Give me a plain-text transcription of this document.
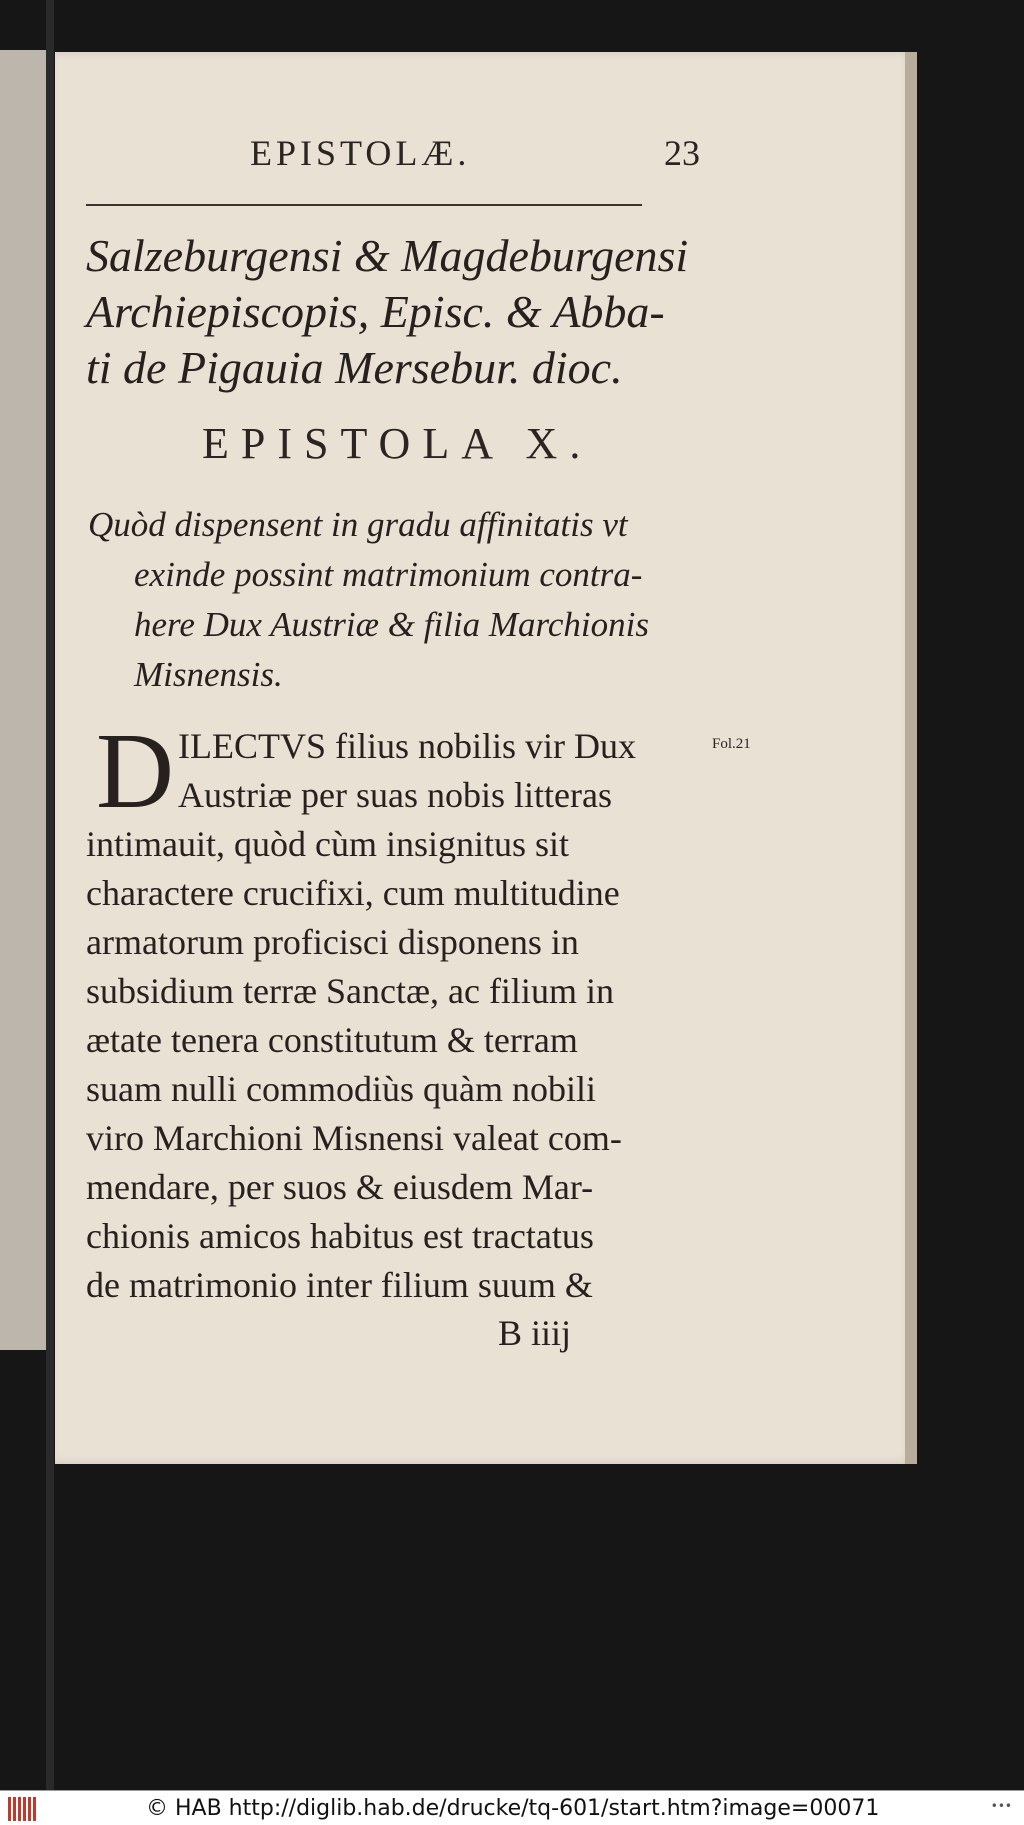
EPISTOLÆ.	23
Salzeburgensi & Magdeburgensi
Archiepiscopis, Episc. & Abba-
ti de Pigauia Mersebur. dioc.
EPISTOLA X.
Quòd dispensent in gradu affinitatis vt
exinde possint matrimonium contra-
here Dux Austriæ & filia Marchionis
Misnensis.
D ILECTVS filius nobilis vir Dux
Austriæ per suas nobis litteras
intimauit, quòd cùm insignitus sit
charactere crucifixi, cum multitudine
armatorum proficisci disponens in
subsidium terræ Sanctæ, ac filium in
ætate tenera constitutum & terram
suam nulli commodiùs quàm nobili
viro Marchioni Misnensi valeat com-
mendare, per suos & eiusdem Mar-
chionis amicos habitus est tractatus
de matrimonio inter filium suum &
Fol.21
B iiij
© HAB http://diglib.hab.de/drucke/tq-601/start.htm?image=00071	•••
